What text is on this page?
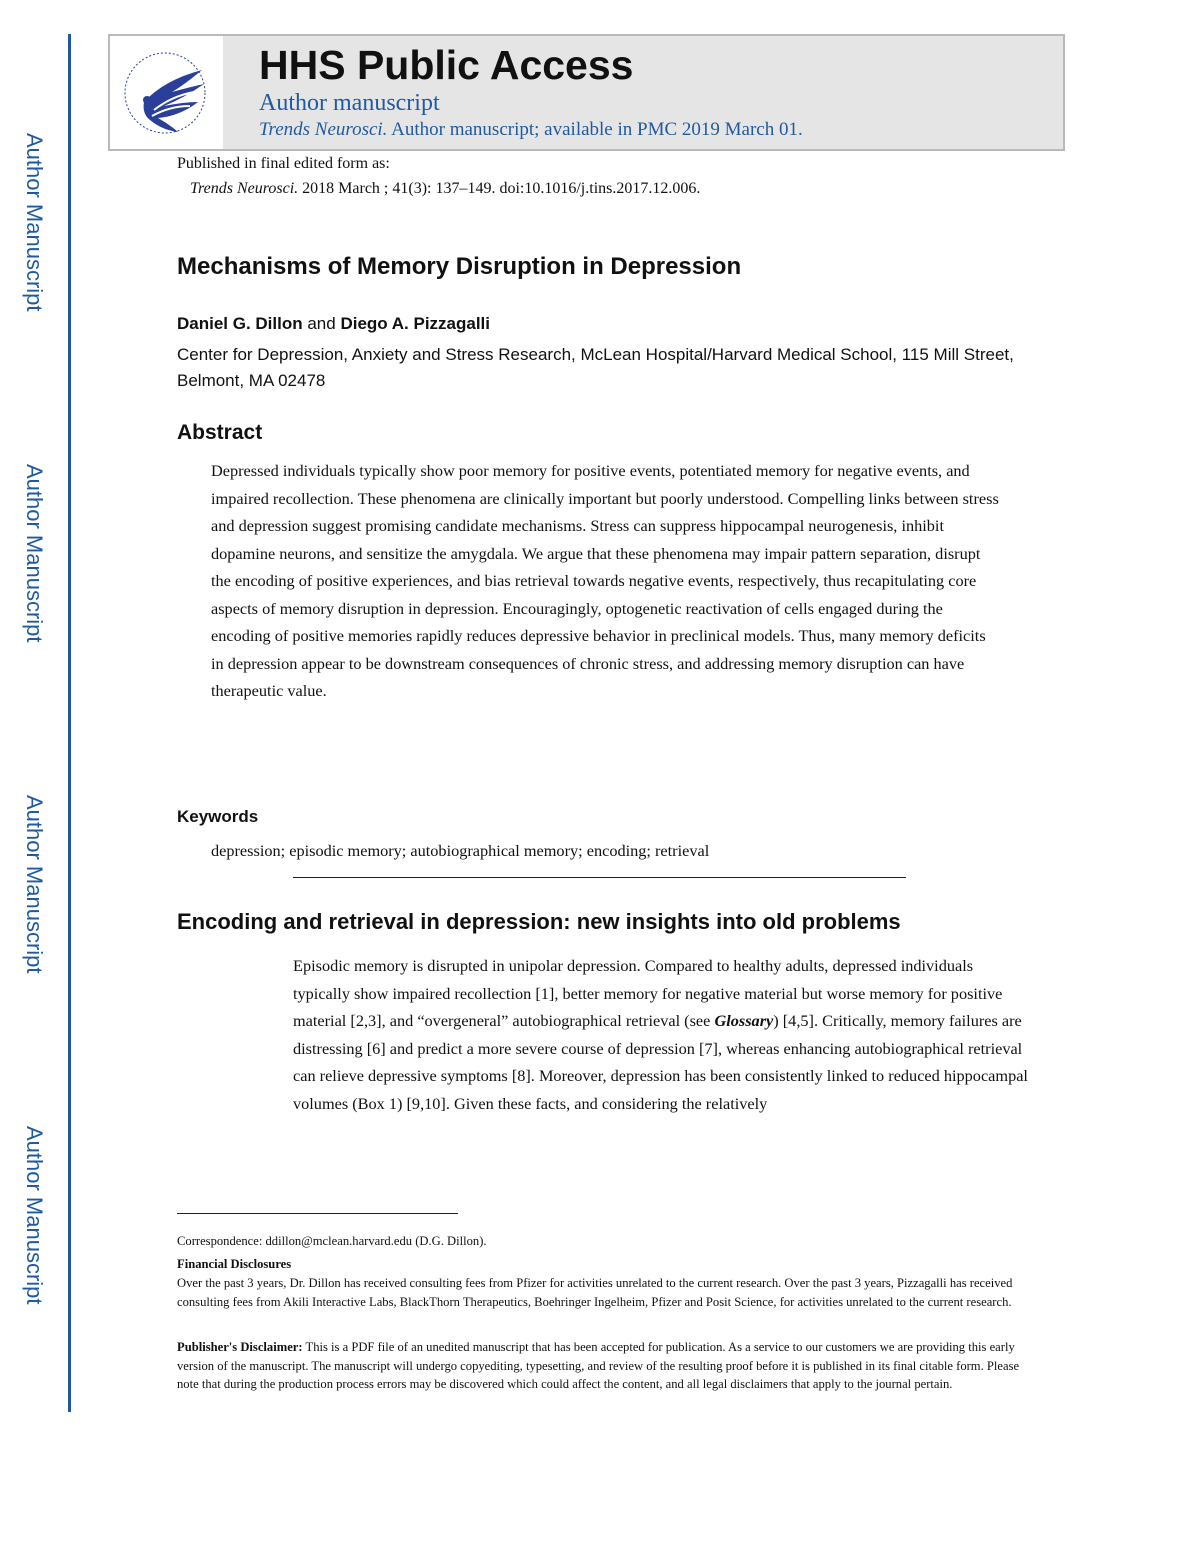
Author Manuscript
Author Manuscript
Author Manuscript
Author Manuscript
HHS Public Access
Author manuscript
Trends Neurosci. Author manuscript; available in PMC 2019 March 01.
Published in final edited form as:
Trends Neurosci. 2018 March ; 41(3): 137–149. doi:10.1016/j.tins.2017.12.006.
Mechanisms of Memory Disruption in Depression
Daniel G. Dillon and Diego A. Pizzagalli
Center for Depression, Anxiety and Stress Research, McLean Hospital/Harvard Medical School, 115 Mill Street, Belmont, MA 02478
Abstract
Depressed individuals typically show poor memory for positive events, potentiated memory for negative events, and impaired recollection. These phenomena are clinically important but poorly understood. Compelling links between stress and depression suggest promising candidate mechanisms. Stress can suppress hippocampal neurogenesis, inhibit dopamine neurons, and sensitize the amygdala. We argue that these phenomena may impair pattern separation, disrupt the encoding of positive experiences, and bias retrieval towards negative events, respectively, thus recapitulating core aspects of memory disruption in depression. Encouragingly, optogenetic reactivation of cells engaged during the encoding of positive memories rapidly reduces depressive behavior in preclinical models. Thus, many memory deficits in depression appear to be downstream consequences of chronic stress, and addressing memory disruption can have therapeutic value.
Keywords
depression; episodic memory; autobiographical memory; encoding; retrieval
Encoding and retrieval in depression: new insights into old problems
Episodic memory is disrupted in unipolar depression. Compared to healthy adults, depressed individuals typically show impaired recollection [1], better memory for negative material but worse memory for positive material [2,3], and “overgeneral” autobiographical retrieval (see Glossary) [4,5]. Critically, memory failures are distressing [6] and predict a more severe course of depression [7], whereas enhancing autobiographical retrieval can relieve depressive symptoms [8]. Moreover, depression has been consistently linked to reduced hippocampal volumes (Box 1) [9,10]. Given these facts, and considering the relatively
Correspondence: ddillon@mclean.harvard.edu (D.G. Dillon).
Financial Disclosures
Over the past 3 years, Dr. Dillon has received consulting fees from Pfizer for activities unrelated to the current research. Over the past 3 years, Pizzagalli has received consulting fees from Akili Interactive Labs, BlackThorn Therapeutics, Boehringer Ingelheim, Pfizer and Posit Science, for activities unrelated to the current research.
Publisher's Disclaimer: This is a PDF file of an unedited manuscript that has been accepted for publication. As a service to our customers we are providing this early version of the manuscript. The manuscript will undergo copyediting, typesetting, and review of the resulting proof before it is published in its final citable form. Please note that during the production process errors may be discovered which could affect the content, and all legal disclaimers that apply to the journal pertain.
